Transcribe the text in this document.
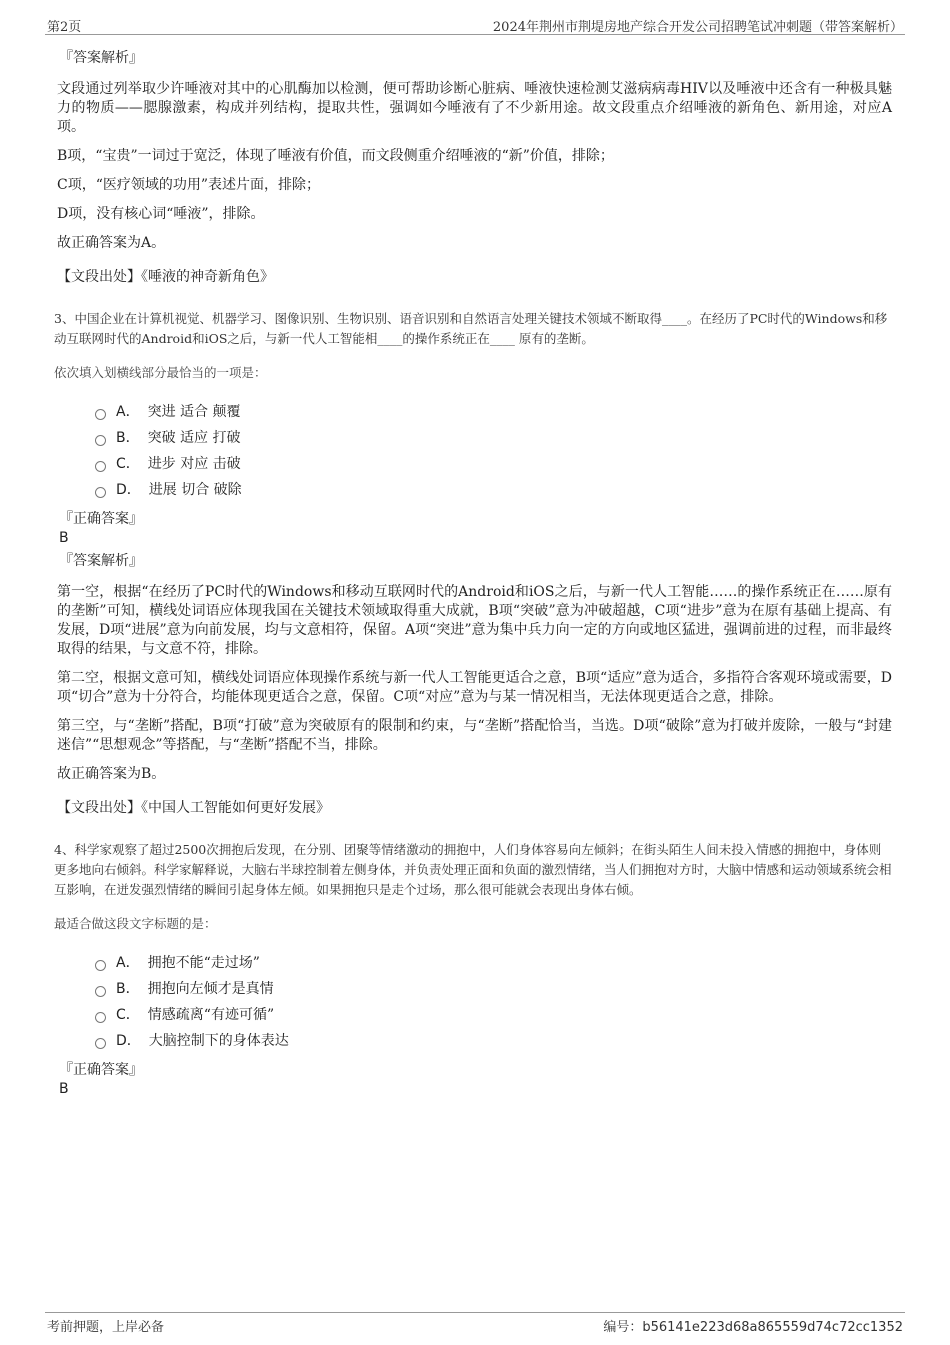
第2页	2024年荆州市荆堤房地产综合开发公司招聘笔试冲刺题（带答案解析）
『答案解析』

文段通过列举取少许唾液对其中的心肌酶加以检测，便可帮助诊断心脏病、唾液快速检测艾滋病病毒HIV以及唾液中还含有一种极具魅力的物质——腮腺激素，构成并列结构，提取共性，强调如今唾液有了不少新用途。故文段重点介绍唾液的新角色、新用途，对应A项。

B项，“宝贵”一词过于宽泛，体现了唾液有价值，而文段侧重介绍唾液的“新”价值，排除；

C项，“医疗领域的功用”表述片面，排除；

D项，没有核心词“唾液”，排除。

故正确答案为A。

【文段出处】《唾液的神奇新角色》

3、中国企业在计算机视觉、机器学习、图像识别、生物识别、语音识别和自然语言处理关键技术领域不断取得____。在经历了PC时代的Windows和移动互联网时代的Android和iOS之后，与新一代人工智能相____的操作系统正在____ 原有的垄断。
依次填入划横线部分最恰当的一项是：
A． 突进 适合 颠覆
B． 突破 适应 打破
C． 进步 对应 击破
D． 进展 切合 破除
『正确答案』
B
『答案解析』

第一空，根据“在经历了PC时代的Windows和移动互联网时代的Android和iOS之后，与新一代人工智能……的操作系统正在……原有的垄断”可知，横线处词语应体现我国在关键技术领域取得重大成就，B项“突破”意为冲破超越，C项“进步”意为在原有基础上提高、有发展，D项“进展”意为向前发展，均与文意相符，保留。A项“突进”意为集中兵力向一定的方向或地区猛进，强调前进的过程，而非最终取得的结果，与文意不符，排除。

第二空，根据文意可知，横线处词语应体现操作系统与新一代人工智能更适合之意，B项“适应”意为适合，多指符合客观环境或需要，D项“切合”意为十分符合，均能体现更适合之意，保留。C项“对应”意为与某一情况相当，无法体现更适合之意，排除。

第三空，与“垄断”搭配，B项“打破”意为突破原有的限制和约束，与“垄断”搭配恰当，当选。D项“破除”意为打破并废除，一般与“封建迷信”“思想观念”等搭配，与“垄断”搭配不当，排除。

故正确答案为B。

【文段出处】《中国人工智能如何更好发展》

4、科学家观察了超过2500次拥抱后发现，在分别、团聚等情绪激动的拥抱中，人们身体容易向左倾斜；在街头陌生人间未投入情感的拥抱中，身体则更多地向右倾斜。科学家解释说，大脑右半球控制着左侧身体，并负责处理正面和负面的激烈情绪，当人们拥抱对方时，大脑中情感和运动领域系统会相互影响，在迸发强烈情绪的瞬间引起身体左倾。如果拥抱只是走个过场，那么很可能就会表现出身体右倾。
最适合做这段文字标题的是：
A． 拥抱不能“走过场”
B． 拥抱向左倾才是真情
C． 情感疏离“有迹可循”
D． 大脑控制下的身体表达
『正确答案』
B
考前押题，上岸必备	编号：b56141e223d68a865559d74c72cc1352
